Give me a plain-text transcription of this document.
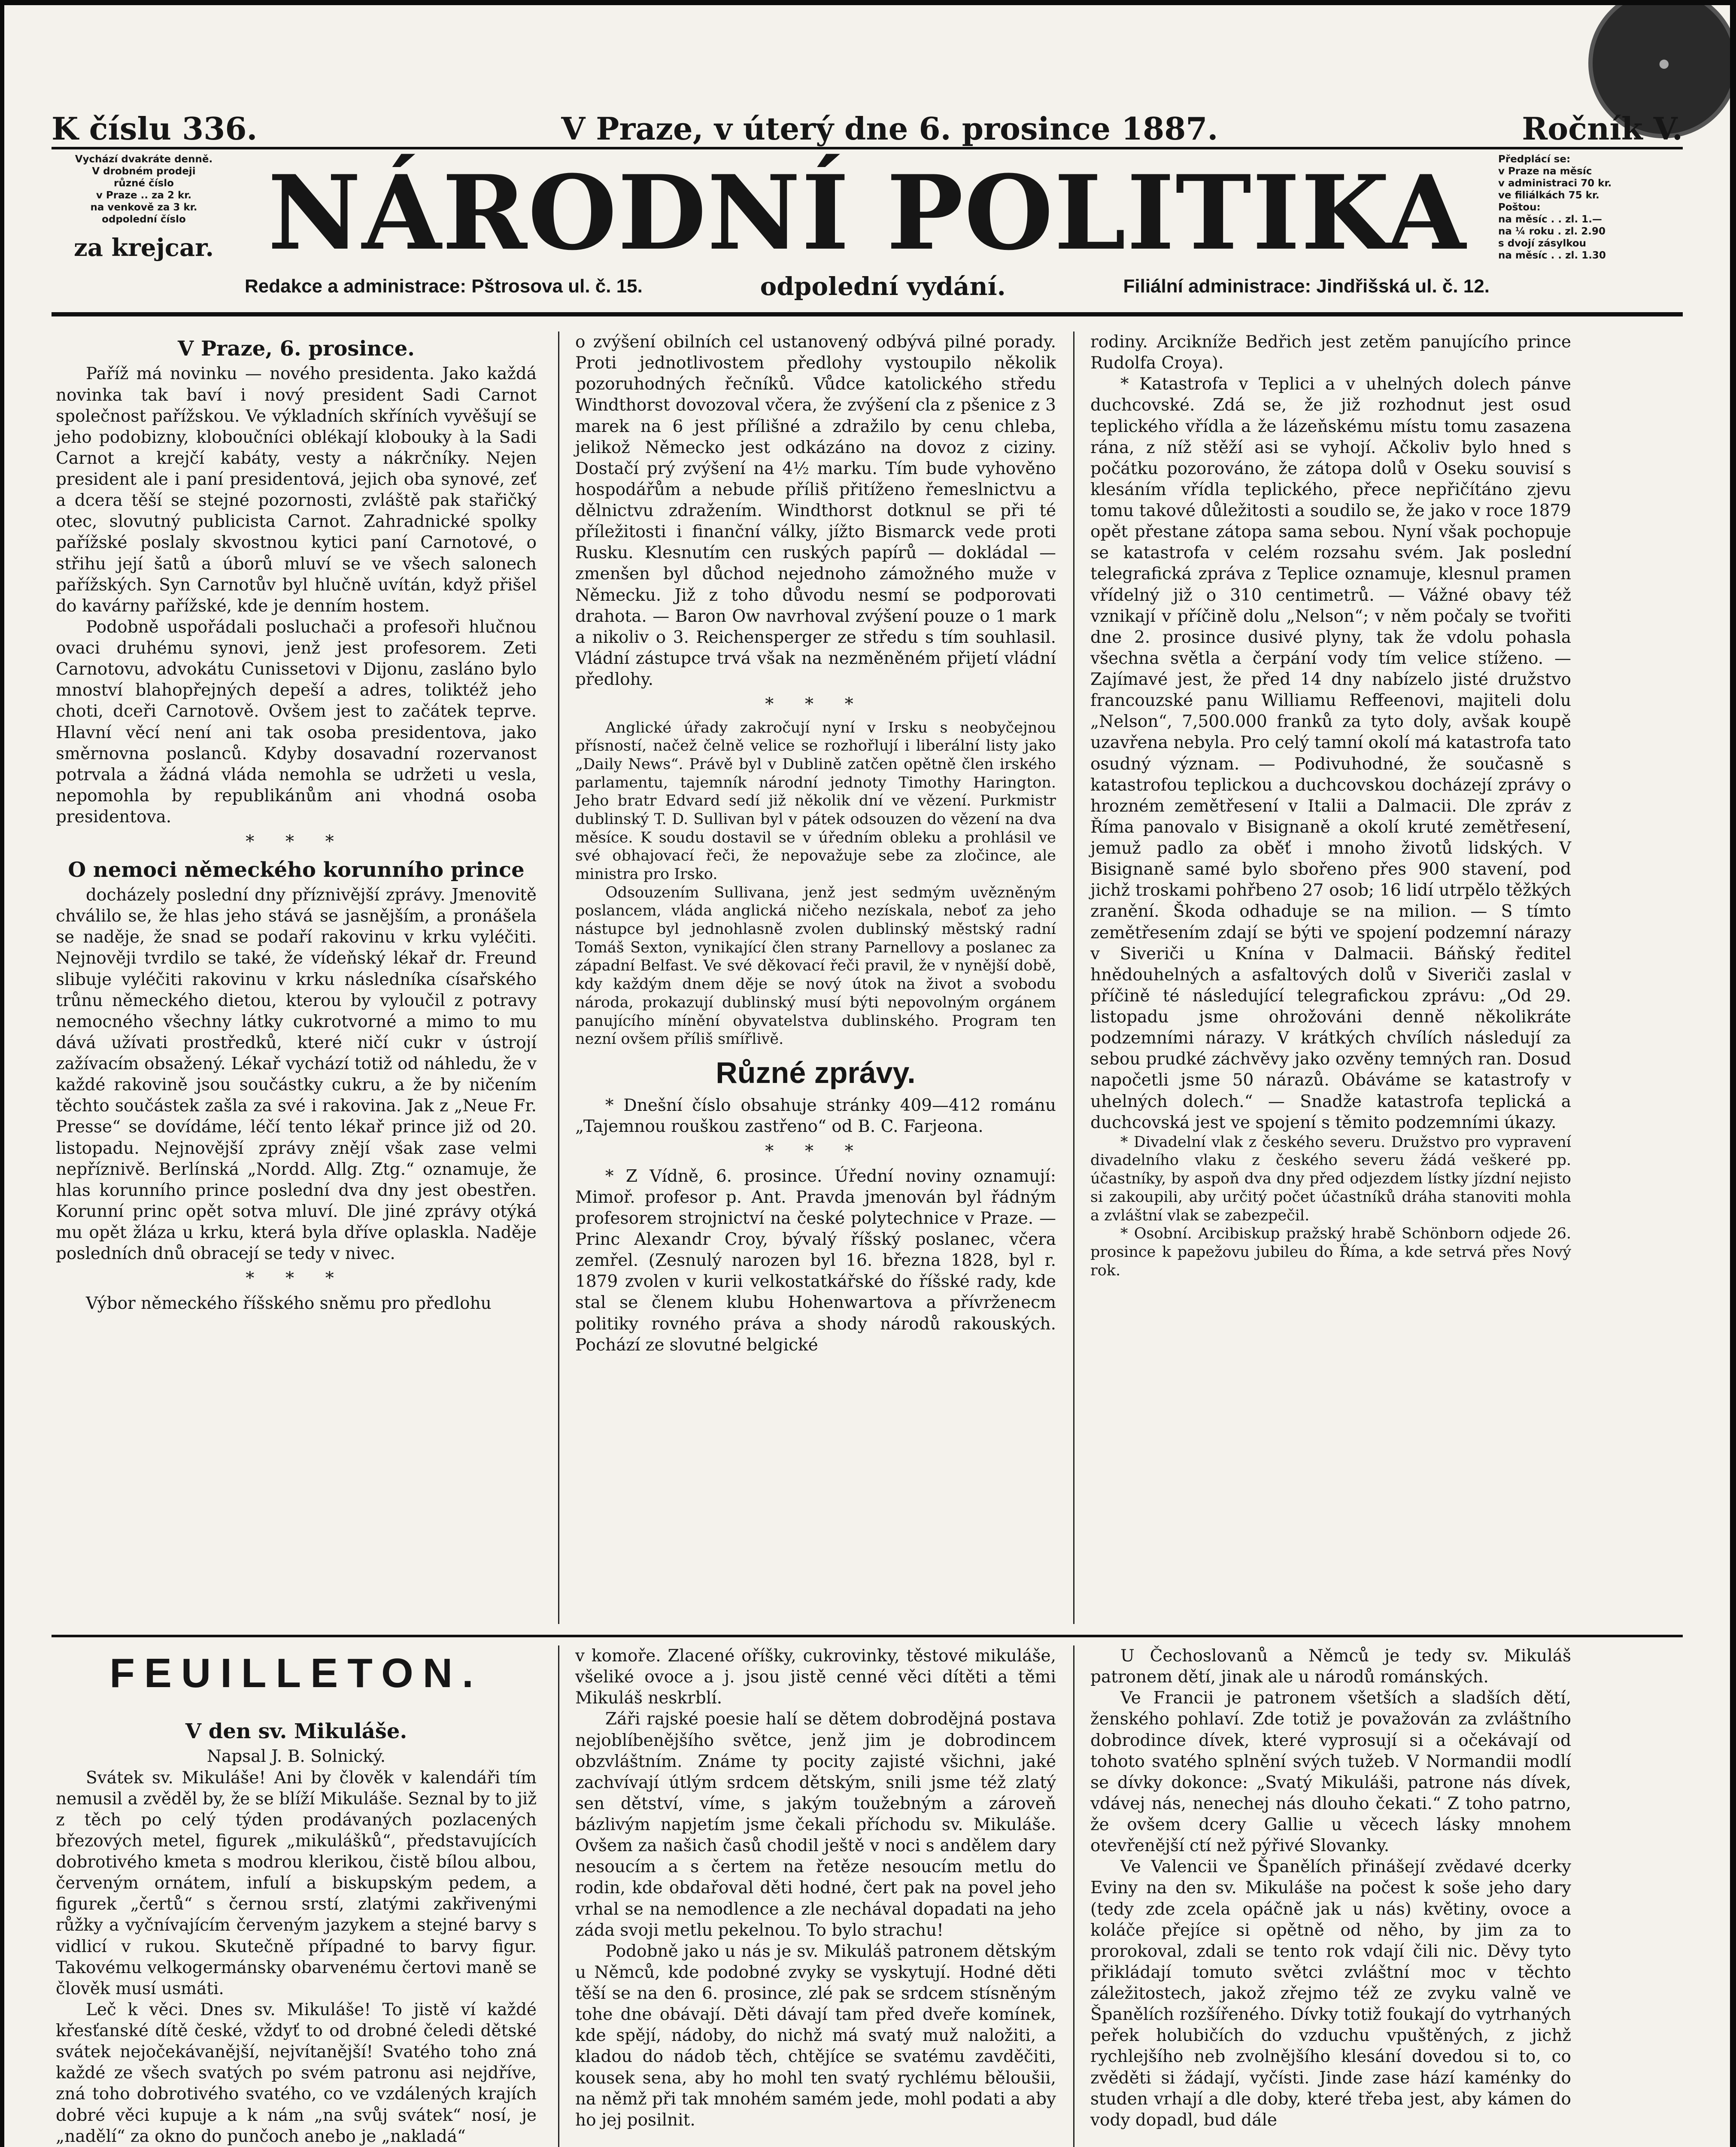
●
K číslu 336.	V Praze, v úterý dne 6. prosince 1887.	Ročník V.
Vychází dvakráte denně.
V drobném prodeji
různé číslo
v Praze .. za 2 kr.
na venkově za 3 kr.
odpolední číslo
za krejcar. NÁRODNÍ POLITIKA	Předplácí se:
v Praze na měsíc
v administraci 70 kr.
ve filiálkách 75 kr.
Poštou:
na měsíc . . zl. 1.—
na ¼ roku . zl. 2.90
s dvojí zásylkou
na měsíc . . zl. 1.30
Redakce a administrace: Pštrosova ul. č. 15.	odpolední vydání.	Filiální administrace: Jindřišská ul. č. 12.
V Praze, 6. prosince.

Paříž má novinku — nového presidenta. Jako každá novinka tak baví i nový president Sadi Carnot společnost pařížskou. Ve výkladních skříních vyvěšují se jeho podobizny, kloboučníci oblékají klobouky à la Sadi Carnot a krejčí kabáty, vesty a nákrčníky. Nejen president ale i paní presidentová, jejich oba synové, zeť a dcera těší se stejné pozornosti, zvláště pak stařičký otec, slovutný publicista Carnot. Zahradnické spolky pařížské poslaly skvostnou kytici paní Carnotové, o střihu její šatů a úborů mluví se ve všech salonech pařížských. Syn Carnotův byl hlučně uvítán, když přišel do kavárny pařížské, kde je denním hostem.

Podobně uspořádali posluchači a profesoři hlučnou ovaci druhému synovi, jenž jest profesorem. Zeti Carnotovu, advokátu Cunissetovi v Dijonu, zasláno bylo mnoství blahopřejných depeší a adres, toliktéž jeho choti, dceři Carnotově. Ovšem jest to začátek teprve. Hlavní věcí není ani tak osoba presidentova, jako směrnovna poslanců. Kdyby dosavadní rozervanost potrvala a žádná vláda nemohla se udržeti u vesla, nepomohla by republikánům ani vhodná osoba presidentova.

* * *
O nemoci německého korunního prince

docházely poslední dny příznivější zprávy. Jmenovitě chválilo se, že hlas jeho stává se jasnějším, a pronášela se naděje, že snad se podaří rakovinu v krku vyléčiti. Nejnověji tvrdilo se také, že vídeňský lékař dr. Freund slibuje vyléčiti rakovinu v krku následníka císařského trůnu německého dietou, kterou by vyloučil z potravy nemocného všechny látky cukrotvorné a mimo to mu dává užívati prostředků, které ničí cukr v ústrojí zažívacím obsažený. Lékař vychází totiž od náhledu, že v každé rakovině jsou součástky cukru, a že by ničením těchto součástek zašla za své i rakovina. Jak z „Neue Fr. Presse“ se dovídáme, léčí tento lékař prince již od 20. listopadu. Nejnovější zprávy znějí však zase velmi nepříznivě. Berlínská „Nordd. Allg. Ztg.“ oznamuje, že hlas korunního prince poslední dva dny jest obestřen. Korunní princ opět sotva mluví. Dle jiné zprávy otýká mu opět žláza u krku, která byla dříve oplaskla. Naděje posledních dnů obracejí se tedy v nivec.

* * *

Výbor německého říšského sněmu pro předlohu

o zvýšení obilních cel ustanovený odbývá pilné porady. Proti jednotlivostem předlohy vystoupilo několik pozoruhodných řečníků. Vůdce katolického středu Windthorst dovozoval včera, že zvýšení cla z pšenice z 3 marek na 6 jest přílišné a zdražilo by cenu chleba, jelikož Německo jest odkázáno na dovoz z ciziny. Dostačí prý zvýšení na 4½ marku. Tím bude vyhověno hospodářům a nebude příliš přitíženo řemeslnictvu a dělnictvu zdražením. Windthorst dotknul se při té příležitosti i finanční války, jížto Bismarck vede proti Rusku. Klesnutím cen ruských papírů — dokládal — zmenšen byl důchod nejednoho zámožného muže v Německu. Již z toho důvodu nesmí se podporovati drahota. — Baron Ow navrhoval zvýšení pouze o 1 mark a nikoliv o 3. Reichensperger ze středu s tím souhlasil. Vládní zástupce trvá však na nezměněném přijetí vládní předlohy.

* * *

Anglické úřady zakročují nyní v Irsku s neobyčejnou přísností, načež čelně velice se rozhořlují i liberální listy jako „Daily News“. Právě byl v Dublině zatčen opětně člen irského parlamentu, tajemník národní jednoty Timothy Harington. Jeho bratr Edvard sedí již několik dní ve vězení. Purkmistr dublinský T. D. Sullivan byl v pátek odsouzen do vězení na dva měsíce. K soudu dostavil se v úředním obleku a prohlásil ve své obhajovací řeči, že nepovažuje sebe za zločince, ale ministra pro Irsko.

Odsouzením Sullivana, jenž jest sedmým uvězněným poslancem, vláda anglická ničeho nezískala, neboť za jeho nástupce byl jednohlasně zvolen dublinský městský radní Tomáš Sexton, vynikající člen strany Parnellovy a poslanec za západní Belfast. Ve své děkovací řeči pravil, že v nynější době, kdy každým dnem děje se nový útok na život a svobodu národa, prokazují dublinský musí býti nepovolným orgánem panujícího mínění obyvatelstva dublinského. Program ten nezní ovšem příliš smířlivě.

Různé zprávy.

* Dnešní číslo obsahuje stránky 409—412 románu „Tajemnou rouškou zastřeno“ od B. C. Farjeona.

* * *

* Z Vídně, 6. prosince. Úřední noviny oznamují: Mimoř. profesor p. Ant. Pravda jmenován byl řádným profesorem strojnictví na české polytechnice v Praze. — Princ Alexandr Croy, bývalý říšský poslanec, včera zemřel. (Zesnulý narozen byl 16. března 1828, byl r. 1879 zvolen v kurii velkostatkářské do říšské rady, kde stal se členem klubu Hohenwartova a přívrženecm politiky rovného práva a shody národů rakouských. Pochází ze slovutné belgické

rodiny. Arcikníže Bedřich jest zetěm panujícího prince Rudolfa Croya).

* Katastrofa v Teplici a v uhelných dolech pánve duchcovské. Zdá se, že již rozhodnut jest osud teplického vřídla a že lázeňskému místu tomu zasazena rána, z níž stěží asi se vyhojí. Ačkoliv bylo hned s počátku pozorováno, že zátopa dolů v Oseku souvisí s klesáním vřídla teplického, přece nepřičítáno zjevu tomu takové důležitosti a soudilo se, že jako v roce 1879 opět přestane zátopa sama sebou. Nyní však pochopuje se katastrofa v celém rozsahu svém. Jak poslední telegrafická zpráva z Teplice oznamuje, klesnul pramen vřídelný již o 310 centimetrů. — Vážné obavy též vznikají v příčině dolu „Nelson“; v něm počaly se tvořiti dne 2. prosince dusivé plyny, tak že vdolu pohasla všechna světla a čerpání vody tím velice stíženo. — Zajímavé jest, že před 14 dny nabízelo jisté družstvo francouzské panu Williamu Reffeenovi, majiteli dolu „Nelson“, 7,500.000 franků za tyto doly, avšak koupě uzavřena nebyla. Pro celý tamní okolí má katastrofa tato osudný význam. — Podivuhodné, že současně s katastrofou teplickou a duchcovskou docházejí zprávy o hrozném zemětřesení v Italii a Dalmacii. Dle zpráv z Říma panovalo v Bisignaně a okolí kruté zemětřesení, jemuž padlo za oběť i mnoho životů lidských. V Bisignaně samé bylo sbořeno přes 900 stavení, pod jichž troskami pohřbeno 27 osob; 16 lidí utrpělo těžkých zranění. Škoda odhaduje se na milion. — S tímto zemětřesením zdají se býti ve spojení podzemní nárazy v Siveriči u Knína v Dalmacii. Báňský ředitel hnědouhelných a asfaltových dolů v Siveriči zaslal v příčině té následující telegrafickou zprávu: „Od 29. listopadu jsme ohrožováni denně několikráte podzemními nárazy. V krátkých chvílích následují za sebou prudké záchvěvy jako ozvěny temných ran. Dosud napočetli jsme 50 nárazů. Obáváme se katastrofy v uhelných dolech.“ — Snadže katastrofa teplická a duchcovská jest ve spojení s těmito podzemními úkazy.

* Divadelní vlak z českého severu. Družstvo pro vypravení divadelního vlaku z českého severu žádá veškeré pp. účastníky, by aspoň dva dny před odjezdem lístky jízdní nejisto si zakoupili, aby určitý počet účastníků dráha stanoviti mohla a zvláštní vlak se zabezpečil.

* Osobní. Arcibiskup pražský hrabě Schönborn odjede 26. prosince k papežovu jubileu do Říma, a kde setrvá přes Nový rok.

FEUILLETON.
V den sv. Mikuláše.

Napsal J. B. Solnický.

Svátek sv. Mikuláše! Ani by člověk v kalendáři tím nemusil a zvěděl by, že se blíží Mikuláše. Seznal by to již z těch po celý týden prodávaných pozlacených březových metel, figurek „mikulášků“, představujících dobrotivého kmeta s modrou klerikou, čistě bílou albou, červeným ornátem, infulí a biskupským pedem, a figurek „čertů“ s černou srstí, zlatými zakřivenými růžky a vyčnívajícím červeným jazykem a stejné barvy s vidlicí v rukou. Skutečně případné to barvy figur. Takovému velkogermánsky obarvenému čertovi maně se člověk musí usmáti.

Leč k věci. Dnes sv. Mikuláše! To jistě ví každé křesťanské dítě české, vždyť to od drobné čeledi dětské svátek nejočekávanější, nejvítanější! Svatého toho zná každé ze všech svatých po svém patronu asi nejdříve, zná toho dobrotivého svatého, co ve vzdálených krajích dobré věci kupuje a k nám „na svůj svátek“ nosí, je „nadělí“ za okno do punčoch anebo je „nakladá“

v komoře. Zlacené oříšky, cukrovinky, těstové mikuláše, všeliké ovoce a j. jsou jistě cenné věci dítěti a těmi Mikuláš neskrblí.

Záři rajské poesie halí se dětem dobrodějná postava nejoblíbenějšího světce, jenž jim je dobrodincem obzvláštním. Známe ty pocity zajisté všichni, jaké zachvívají útlým srdcem dětským, snili jsme též zlatý sen dětství, víme, s jakým toužebným a zároveň bázlivým napjetím jsme čekali příchodu sv. Mikuláše. Ovšem za našich časů chodil ještě v noci s andělem dary nesoucím a s čertem na řetěze nesoucím metlu do rodin, kde obdařoval děti hodné, čert pak na povel jeho vrhal se na nemodlence a zle nechával dopadati na jeho záda svoji metlu pekelnou. To bylo strachu!

Podobně jako u nás je sv. Mikuláš patronem dětským u Němců, kde podobné zvyky se vyskytují. Hodné děti těší se na den 6. prosince, zlé pak se srdcem stísněným tohe dne obávají. Děti dávají tam před dveře komínek, kde spějí, nádoby, do nichž má svatý muž naložiti, a kladou do nádob těch, chtějíce se svatému zavděčiti, kousek sena, aby ho mohl ten svatý rychlému běloušii, na němž při tak mnohém samém jede, mohl podati a aby ho jej posilnit.

U Čechoslovanů a Němců je tedy sv. Mikuláš patronem dětí, jinak ale u národů románských.

Ve Francii je patronem všetších a sladších dětí, ženského pohlaví. Zde totiž je považován za zvláštního dobrodince dívek, které vyprosují si a očekávají od tohoto svatého splnění svých tužeb. V Normandii modlí se dívky dokonce: „Svatý Mikuláši, patrone nás dívek, vdávej nás, nenechej nás dlouho čekati.“ Z toho patrno, že ovšem dcery Gallie u věcech lásky mnohem otevřenější ctí než pýřivé Slovanky.

Ve Valencii ve Španělích přinášejí zvědavé dcerky Eviny na den sv. Mikuláše na počest k soše jeho dary (tedy zde zcela opáčně jak u nás) květiny, ovoce a koláče přejíce si opětně od něho, by jim za to prorokoval, zdali se tento rok vdají čili nic. Děvy tyto přikládají tomuto světci zvláštní moc v těchto záležitostech, jakož zřejmo též ze zvyku valně ve Španělích rozšířeného. Dívky totiž foukají do vytrhaných peřek holubičích do vzduchu vpuštěných, z jichž rychlejšího neb zvolnějšího klesání dovedou si to, co zvěděti si žádají, vyčísti. Jinde zase hází kaménky do studen vrhají a dle doby, které třeba jest, aby kámen do vody dopadl, bud dále
